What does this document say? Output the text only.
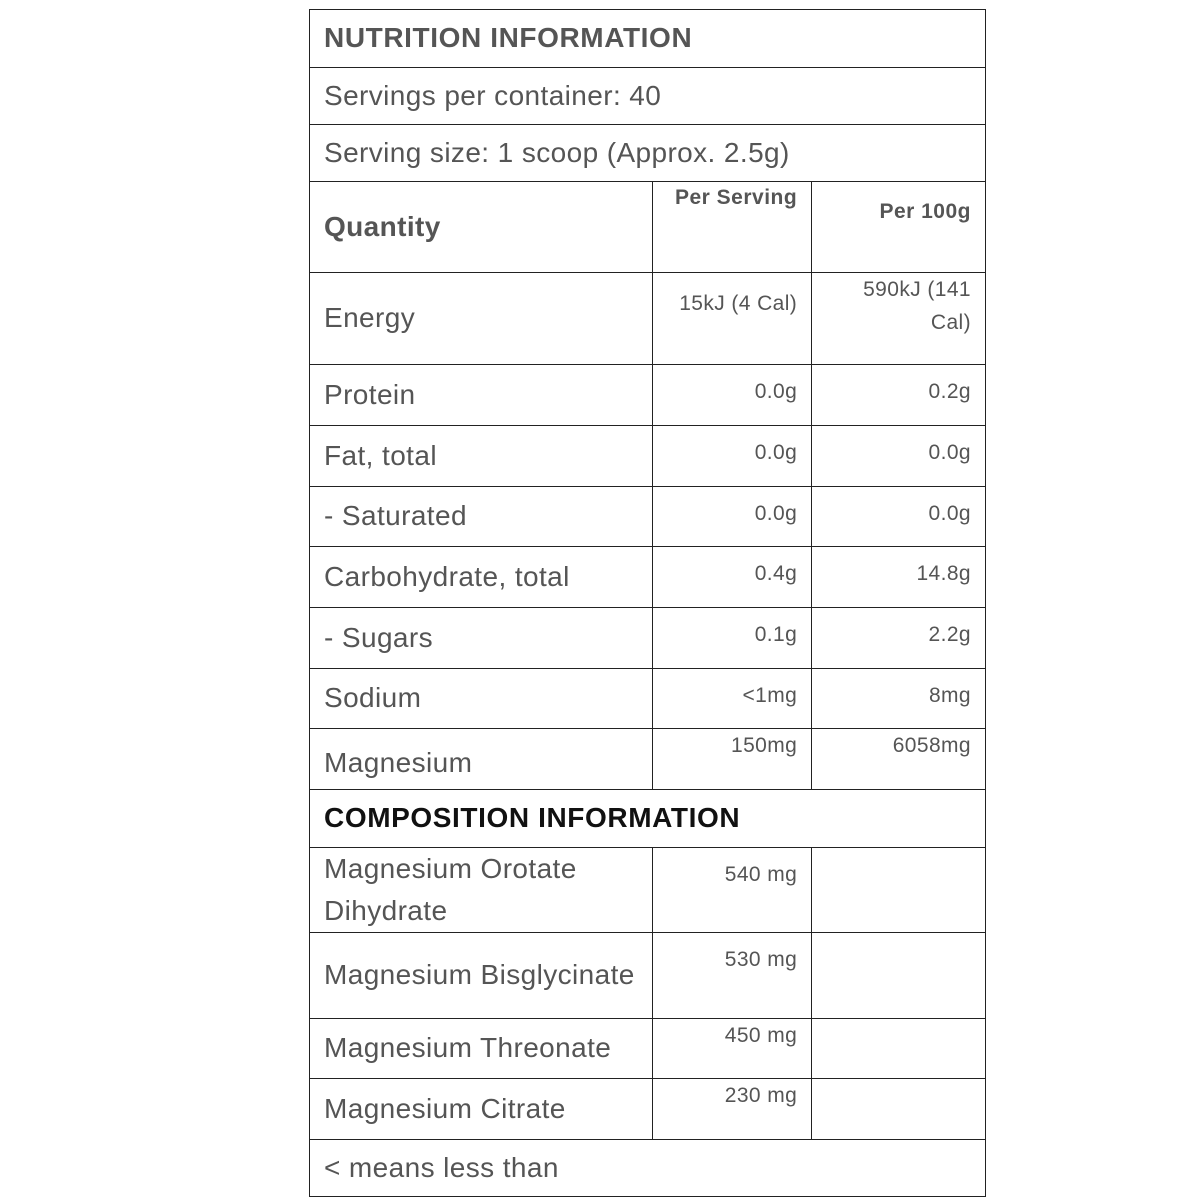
NUTRITION INFORMATION		
Servings per container: 40		
Serving size: 1 scoop (Approx. 2.5g)		
Quantity	Per Serving	Per 100g
Energy	15kJ (4 Cal)	590kJ (141 Cal)
Protein	0.0g	0.2g
Fat, total	0.0g	0.0g
- Saturated	0.0g	0.0g
Carbohydrate, total	0.4g	14.8g
- Sugars	0.1g	2.2g
Sodium	<1mg	8mg
Magnesium	150mg	6058mg
COMPOSITION INFORMATION		
Magnesium Orotate Dihydrate	540 mg	
Magnesium Bisglycinate	530 mg	
Magnesium Threonate	450 mg	
Magnesium Citrate	230 mg	
< means less than		
